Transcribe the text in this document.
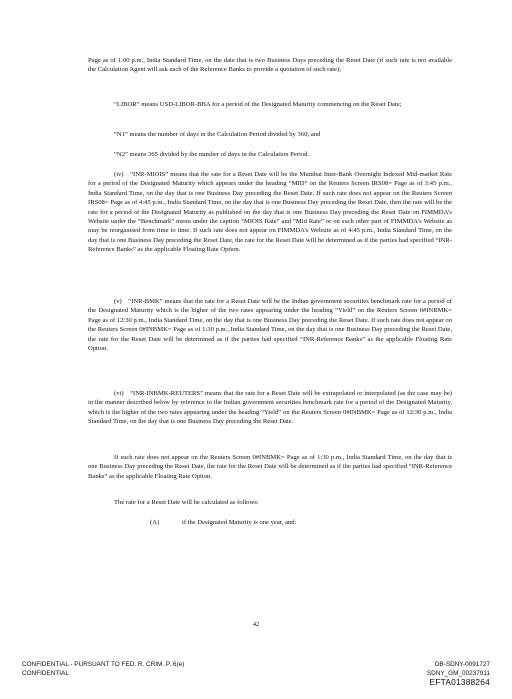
Page as of 1:00 p.m., India Standard Time, on the date that is two Business Days preceding the Reset Date (if such rate is not available the Calculation Agent will ask each of the Reference Banks to provide a quotation of such rate);

“LIBOR” means USD-LIBOR-BBA for a period of the Designated Maturity commencing on the Reset Date;

“N1” means the number of days in the Calculation Period divided by 360; and

“N2” means 365 divided by the number of days in the Calculation Period.

(iv) “INR-MIOIS” means that the rate for a Reset Date will be the Mumbai Inter-Bank Overnight Indexed Mid-market Rate for a period of the Designated Maturity which appears under the heading “MID” on the Reuters Screen IRS08= Page as of 3:45 p.m., India Standard Time, on the day that is one Business Day preceding the Reset Date. If such rate does not appear on the Reuters Screen IRS08= Page as of 4:45 p.m., India Standard Time, on the day that is one Business Day preceding the Reset Date, then the rate will be the rate for a period of the Designated Maturity as published on the day that is one Business Day preceding the Reset Date on FIMMDA’s Website under the “Benchmark” menu under the caption “MIOIS Rate” and “Mid Rate” or on such other part of FIMMDA’s Website as may be reorganised from time to time. If such rate does not appear on FIMMDA’s Website as of 4:45 p.m., India Standard Time, on the day that is one Business Day preceding the Reset Date, the rate for the Reset Date will be determined as if the parties had specified “INR-Reference Banks” as the applicable Floating Rate Option.

(v) “INR-BMK” means that the rate for a Reset Date will be the Indian government securities benchmark rate for a period of the Designated Maturity which is the higher of the two rates appearing under the heading “Yield” on the Reuters Screen 0#INBMK= Page as of 12:30 p.m., India Standard Time, on the day that is one Business Day preceding the Reset Date. If such rate does not appear on the Reuters Screen 0#INBMK= Page as of 1:30 p.m., India Standard Time, on the day that is one Business Day preceding the Reset Date, the rate for the Reset Date will be determined as if the parties had specified “INR-Reference Banks” as the applicable Floating Rate Option.

(vi) “INR-INBMK-REUTERS” means that the rate for a Reset Date will be extrapolated or interpolated (as the case may be) in the manner described below by reference to the Indian government securities benchmark rate for a period of the Designated Maturity, which is the higher of the two rates appearing under the heading “Yield” on the Reuters Screen 0#INBMK= Page as of 12:30 p.m., India Standard Time, on the day that is one Business Day preceding the Reset Date.

If such rate does not appear on the Reuters Screen 0#INBMK= Page as of 1:30 p.m., India Standard Time, on the day that is one Business Day preceding the Reset Date, the rate for the Reset Date will be determined as if the parties had specified “INR-Reference Banks” as the applicable Floating Rate Option.

The rate for a Reset Date will be calculated as follows:

(A)	if the Designated Maturity is one year, and:
42
CONFIDENTIAL - PURSUANT TO FED. R. CRIM. P. 6(e)
CONFIDENTIAL
DB-SDNY-0091727
SDNY_GM_00237911
EFTA01388264
